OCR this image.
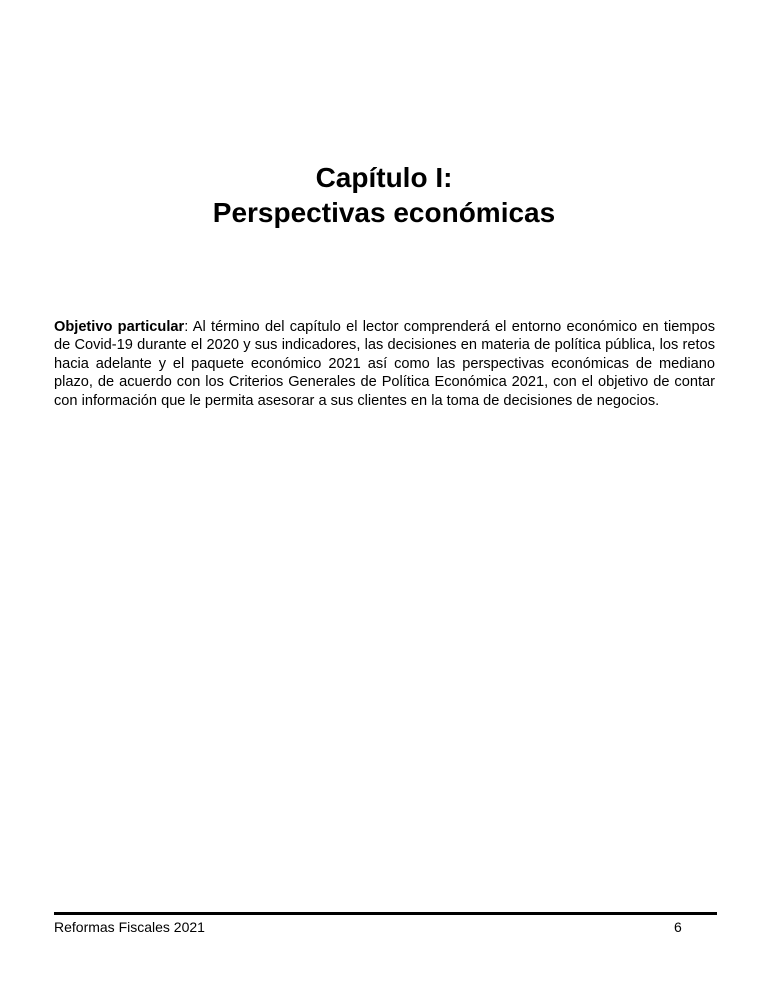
Capítulo I:
Perspectivas económicas

Objetivo particular: Al término del capítulo el lector comprenderá el entorno económico en tiempos de Covid-19 durante el 2020 y sus indicadores, las decisiones en materia de política pública, los retos hacia adelante y el paquete económico 2021 así como las perspectivas económicas de mediano plazo, de acuerdo con los Criterios Generales de Política Económica 2021, con el objetivo de contar con información que le permita asesorar a sus clientes en la toma de decisiones de negocios.

Reformas Fiscales 2021	6
